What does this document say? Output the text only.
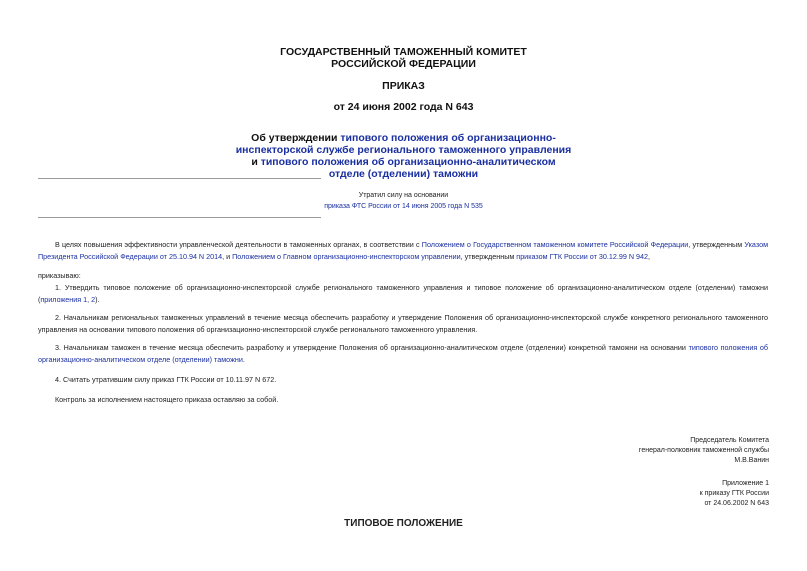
ГОСУДАРСТВЕННЫЙ ТАМОЖЕННЫЙ КОМИТЕТ
РОССИЙСКОЙ ФЕДЕРАЦИИ
ПРИКАЗ
от 24 июня 2002 года N 643
Об утверждении типового положения об организационно-инспекторской службе регионального таможенного управления и типового положения об организационно-аналитическом отделе (отделении) таможни
Утратил силу на основании
приказа ФТС России от 14 июня 2005 года N 535
В целях повышения эффективности управленческой деятельности в таможенных органах, в соответствии с Положением о Государственном таможенном комитете Российской Федерации, утвержденным Указом Президента Российской Федерации от 25.10.94 N 2014, и Положением о Главном организационно-инспекторском управлении, утвержденным приказом ГТК России от 30.12.99 N 942,
приказываю:
1. Утвердить типовое положение об организационно-инспекторской службе регионального таможенного управления и типовое положение об организационно-аналитическом отделе (отделении) таможни (приложения 1, 2).
2. Начальникам региональных таможенных управлений в течение месяца обеспечить разработку и утверждение Положения об организационно-инспекторской службе конкретного регионального таможенного управления на основании типового положения об организационно-инспекторской службе регионального таможенного управления.
3. Начальникам таможен в течение месяца обеспечить разработку и утверждение Положения об организационно-аналитическом отделе (отделении) конкретной таможни на основании типового положения об организационно-аналитическом отделе (отделении) таможни.
4. Считать утратившим силу приказ ГТК России от 10.11.97 N 672.
Контроль за исполнением настоящего приказа оставляю за собой.
Председатель Комитета
генерал-полковник таможенной службы
М.В.Ванин
Приложение 1
к приказу ГТК России
от 24.06.2002 N 643
ТИПОВОЕ ПОЛОЖЕНИЕ
